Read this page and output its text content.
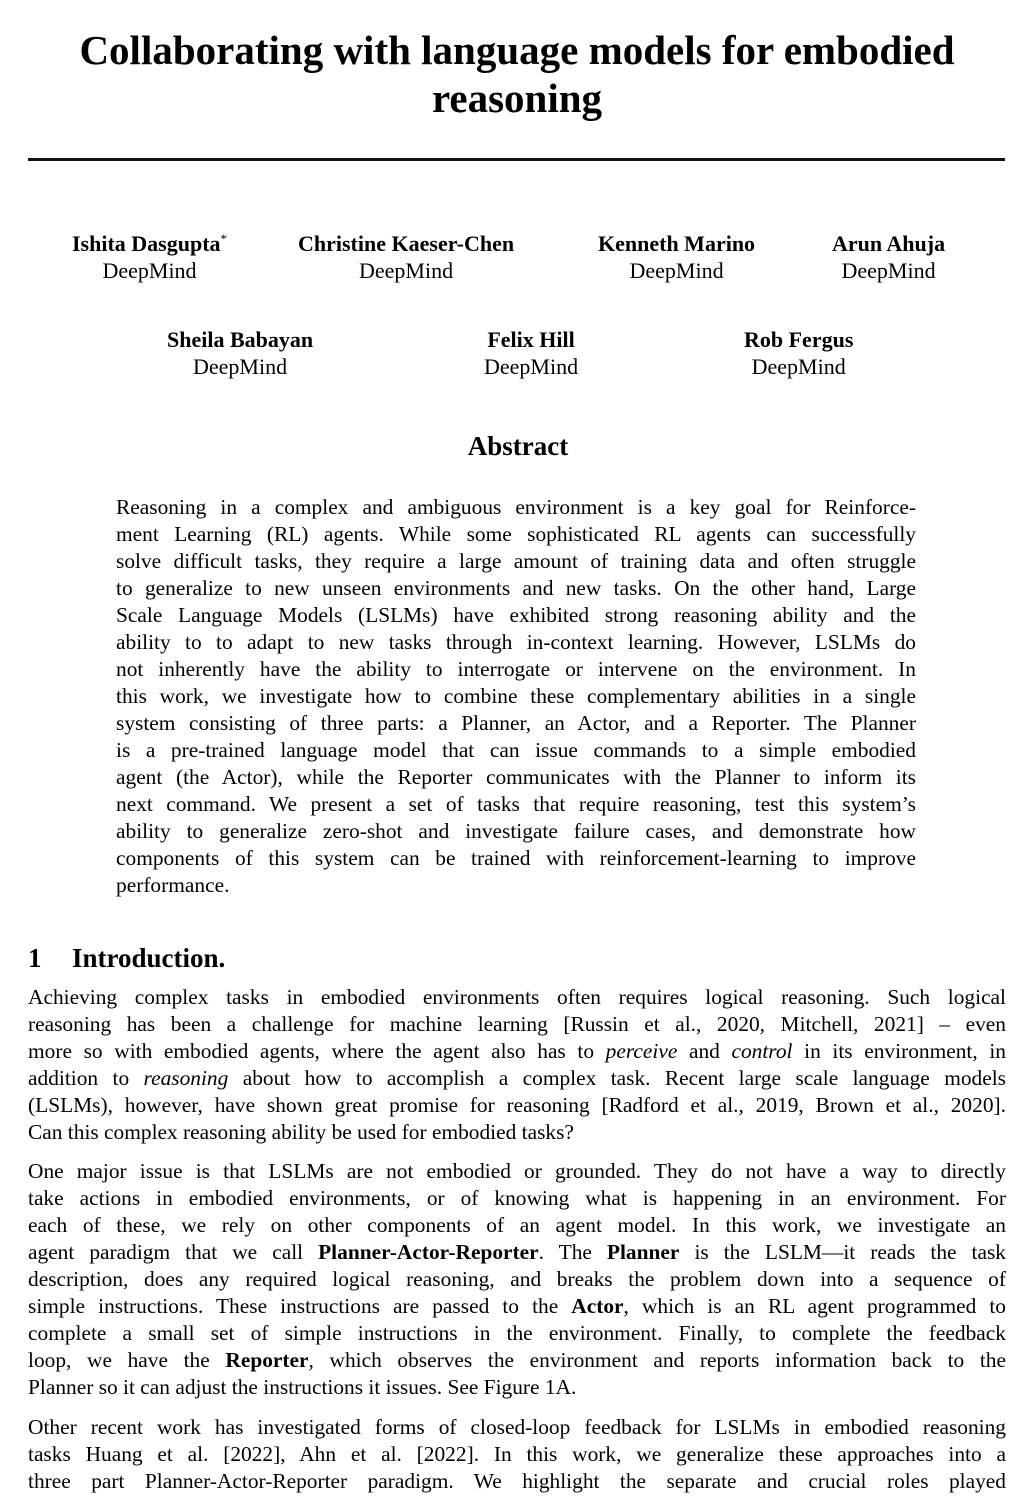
Collaborating with language models for embodied
reasoning
Ishita Dasgupta*
DeepMind
Christine Kaeser-Chen
DeepMind
Kenneth Marino
DeepMind
Arun Ahuja
DeepMind
Sheila Babayan
DeepMind
Felix Hill
DeepMind
Rob Fergus
DeepMind
Abstract
Reasoning in a complex and ambiguous environment is a key goal for Reinforce-
ment Learning (RL) agents. While some sophisticated RL agents can successfully
solve difficult tasks, they require a large amount of training data and often struggle
to generalize to new unseen environments and new tasks. On the other hand, Large
Scale Language Models (LSLMs) have exhibited strong reasoning ability and the
ability to to adapt to new tasks through in-context learning. However, LSLMs do
not inherently have the ability to interrogate or intervene on the environment. In
this work, we investigate how to combine these complementary abilities in a single
system consisting of three parts: a Planner, an Actor, and a Reporter. The Planner
is a pre-trained language model that can issue commands to a simple embodied
agent (the Actor), while the Reporter communicates with the Planner to inform its
next command. We present a set of tasks that require reasoning, test this system’s
ability to generalize zero-shot and investigate failure cases, and demonstrate how
components of this system can be trained with reinforcement-learning to improve
performance.
1 Introduction.
Achieving complex tasks in embodied environments often requires logical reasoning. Such logical
reasoning has been a challenge for machine learning [Russin et al., 2020, Mitchell, 2021] – even
more so with embodied agents, where the agent also has to perceive and control in its environment, in
addition to reasoning about how to accomplish a complex task. Recent large scale language models
(LSLMs), however, have shown great promise for reasoning [Radford et al., 2019, Brown et al., 2020].
Can this complex reasoning ability be used for embodied tasks?
One major issue is that LSLMs are not embodied or grounded. They do not have a way to directly
take actions in embodied environments, or of knowing what is happening in an environment. For
each of these, we rely on other components of an agent model. In this work, we investigate an
agent paradigm that we call Planner-Actor-Reporter. The Planner is the LSLM—it reads the task
description, does any required logical reasoning, and breaks the problem down into a sequence of
simple instructions. These instructions are passed to the Actor, which is an RL agent programmed to
complete a small set of simple instructions in the environment. Finally, to complete the feedback
loop, we have the Reporter, which observes the environment and reports information back to the
Planner so it can adjust the instructions it issues. See Figure 1A.
Other recent work has investigated forms of closed-loop feedback for LSLMs in embodied reasoning
tasks Huang et al. [2022], Ahn et al. [2022]. In this work, we generalize these approaches into a
three part Planner-Actor-Reporter paradigm. We highlight the separate and crucial roles played
